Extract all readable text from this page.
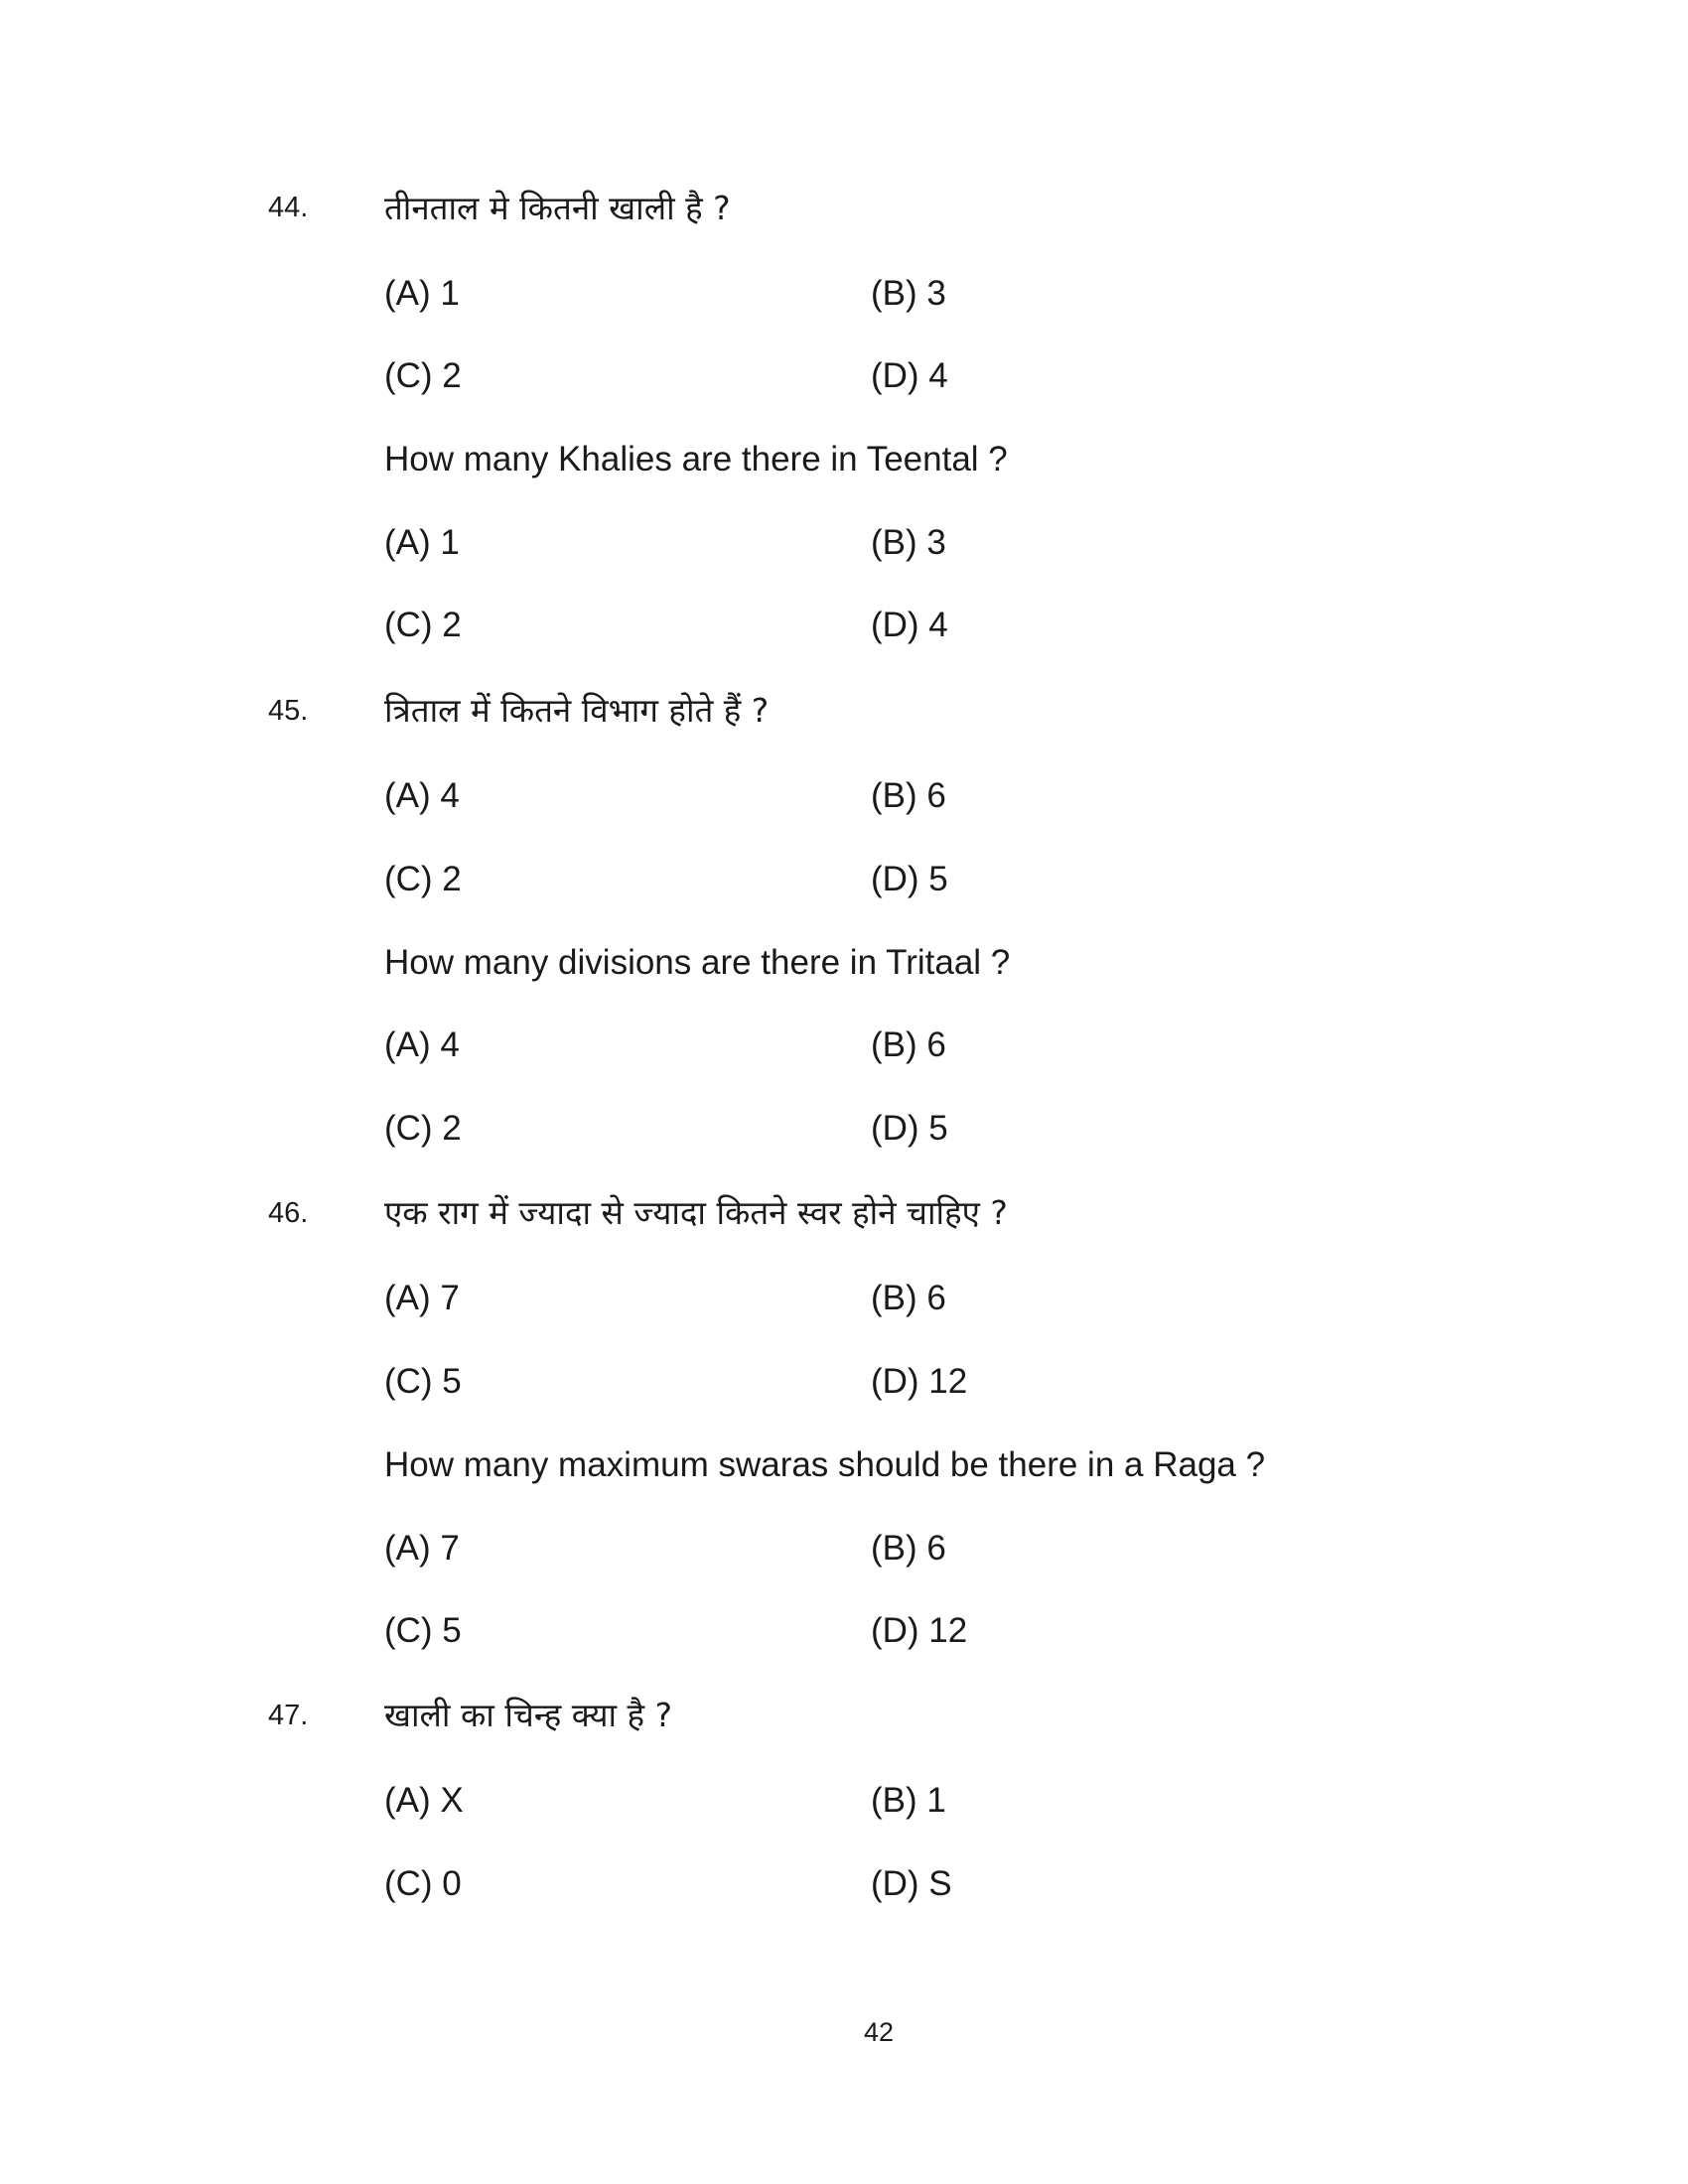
44. तीनताल मे कितनी खाली है ?
(A) 1	(B) 3
(C) 2	(D) 4
How many Khalies are there in Teental ?
(A) 1	(B) 3
(C) 2	(D) 4
45. त्रिताल में कितने विभाग होते हैं ?
(A) 4	(B) 6
(C) 2	(D) 5
How many divisions are there in Tritaal ?
(A) 4	(B) 6
(C) 2	(D) 5
46. एक राग में ज्यादा से ज्यादा कितने स्वर होने चाहिए ?
(A) 7	(B) 6
(C) 5	(D) 12
How many maximum swaras should be there in a Raga ?
(A) 7	(B) 6
(C) 5	(D) 12
47. खाली का चिन्ह क्या है ?
(A) X	(B) 1
(C) 0	(D) S
42
